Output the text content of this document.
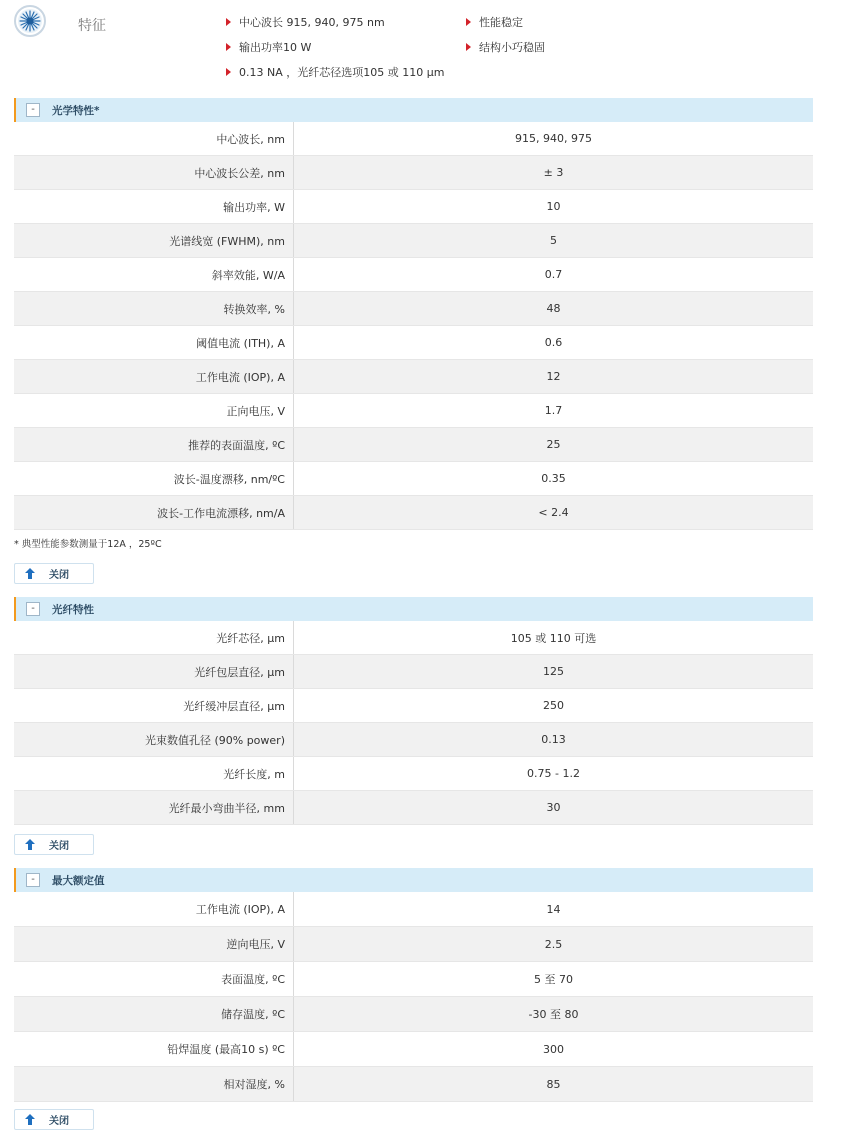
特征	中心波长 915, 940, 975 nm
输出功率10 W
0.13 NA ，光纤芯径选项105 或 110 μm
性能稳定
结构小巧稳固
-	光学特性*
中心波长, nm	915, 940, 975
中心波长公差, nm	± 3
输出功率, W	10
光谱线宽 (FWHM), nm	5
斜率效能, W/A	0.7
转换效率, %	48
阈值电流 (ITH), A	0.6
工作电流 (IOP), A	12
正向电压, V	1.7
推荐的表面温度, ºC	25
波长-温度漂移, nm/ºC	0.35
波长-工作电流漂移, nm/A	< 2.4
* 典型性能参数测量于12A ，25ºC
关闭
-	光纤特性
光纤芯径, μm	105 或 110 可选
光纤包层直径, μm	125
光纤缓冲层直径, μm	250
光束数值孔径 (90% power)	0.13
光纤长度, m	0.75 - 1.2
光纤最小弯曲半径, mm	30
关闭
-	最大额定值
工作电流 (IOP), A	14
逆向电压, V	2.5
表面温度, ºC	5 至 70
储存温度, ºC	-30 至 80
铅焊温度 (最高10 s) ºC	300
相对湿度, %	85
关闭
